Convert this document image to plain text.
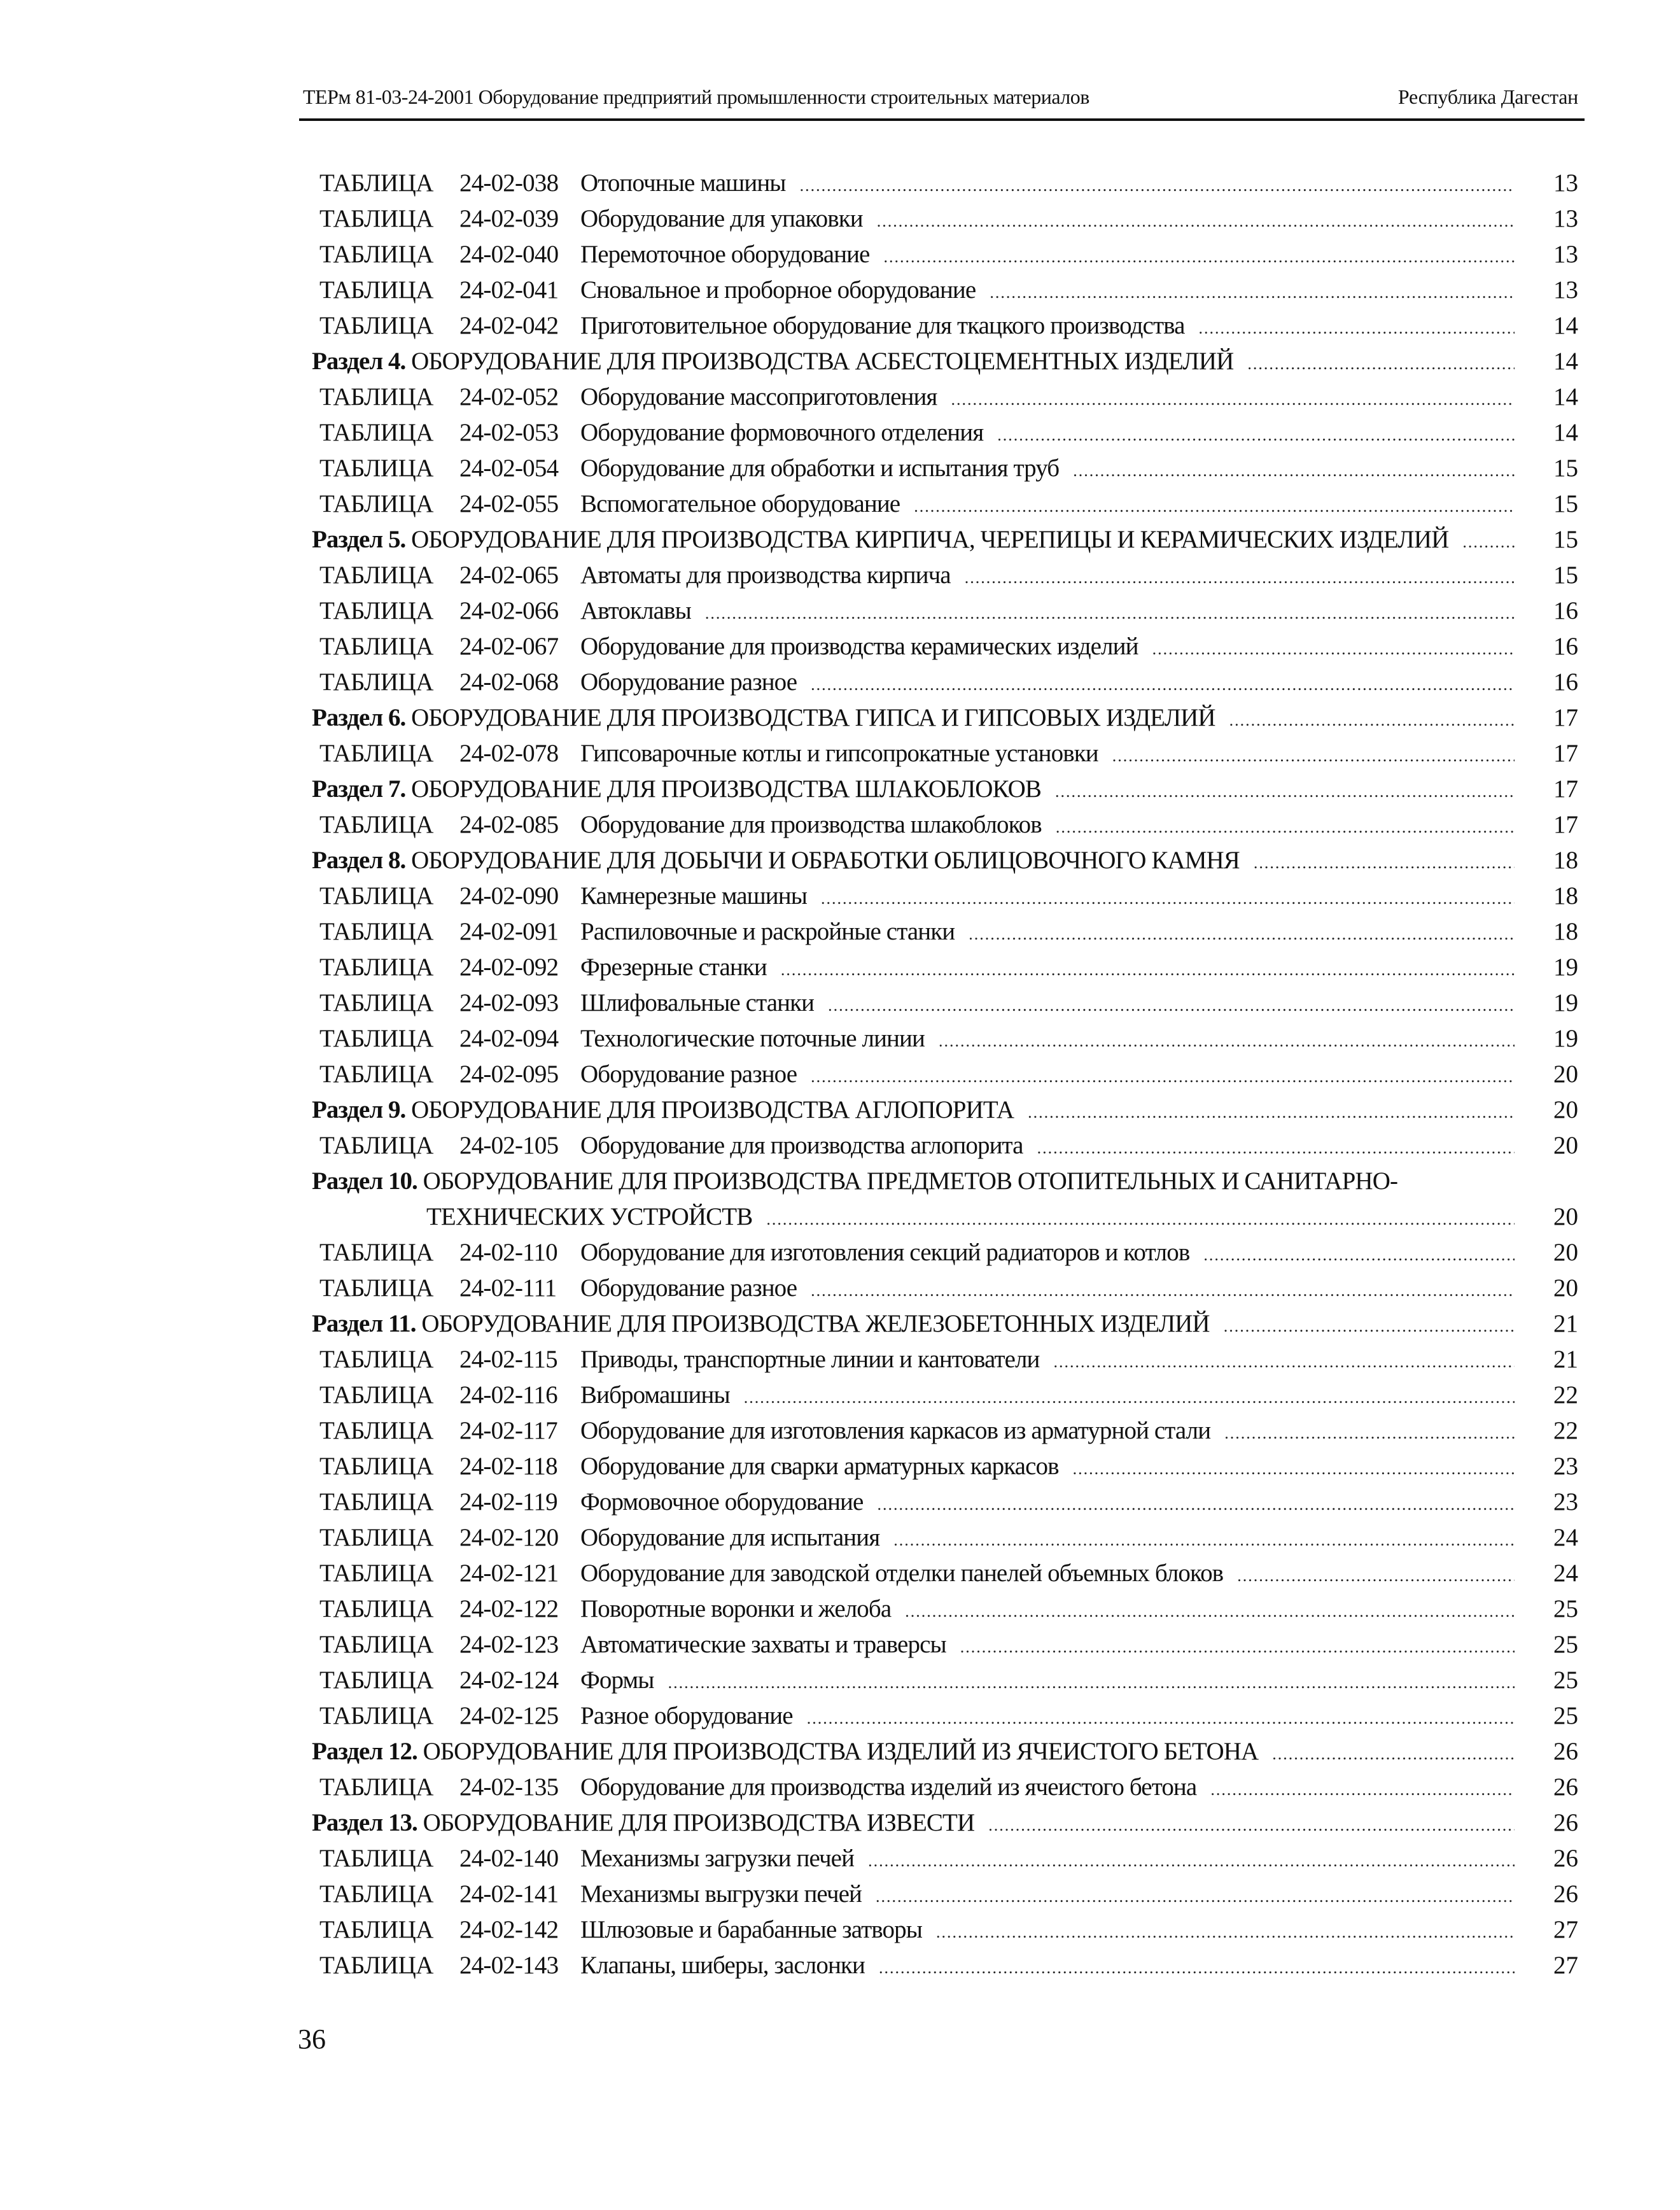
ТЕРм 81-03-24-2001 Оборудование предприятий промышленности строительных материалов	Республика Дагестан
ТАБЛИЦА 24-02-038 Отопочные машины .....	13
ТАБЛИЦА 24-02-039 Оборудование для упаковки .....	13
ТАБЛИЦА 24-02-040 Перемоточное оборудование .....	13
ТАБЛИЦА 24-02-041 Сновальное и проборное оборудование .....	13
ТАБЛИЦА 24-02-042 Приготовительное оборудование для ткацкого производства .....	14
Раздел 4. ОБОРУДОВАНИЕ ДЛЯ ПРОИЗВОДСТВА АСБЕСТОЦЕМЕНТНЫХ ИЗДЕЛИЙ .....	14
ТАБЛИЦА 24-02-052 Оборудование массоприготовления .....	14
ТАБЛИЦА 24-02-053 Оборудование формовочного отделения .....	14
ТАБЛИЦА 24-02-054 Оборудование для обработки и испытания труб .....	15
ТАБЛИЦА 24-02-055 Вспомогательное оборудование .....	15
Раздел 5. ОБОРУДОВАНИЕ ДЛЯ ПРОИЗВОДСТВА КИРПИЧА, ЧЕРЕПИЦЫ И КЕРАМИЧЕСКИХ ИЗДЕЛИЙ .....	15
ТАБЛИЦА 24-02-065 Автоматы для производства кирпича .....	15
ТАБЛИЦА 24-02-066 Автоклавы .....	16
ТАБЛИЦА 24-02-067 Оборудование для производства керамических изделий .....	16
ТАБЛИЦА 24-02-068 Оборудование разное .....	16
Раздел 6. ОБОРУДОВАНИЕ ДЛЯ ПРОИЗВОДСТВА ГИПСА И ГИПСОВЫХ ИЗДЕЛИЙ .....	17
ТАБЛИЦА 24-02-078 Гипсоварочные котлы и гипсопрокатные установки .....	17
Раздел 7. ОБОРУДОВАНИЕ ДЛЯ ПРОИЗВОДСТВА ШЛАКОБЛОКОВ .....	17
ТАБЛИЦА 24-02-085 Оборудование для производства шлакоблоков .....	17
Раздел 8. ОБОРУДОВАНИЕ ДЛЯ ДОБЫЧИ И ОБРАБОТКИ ОБЛИЦОВОЧНОГО КАМНЯ .....	18
ТАБЛИЦА 24-02-090 Камнерезные машины .....	18
ТАБЛИЦА 24-02-091 Распиловочные и раскройные станки .....	18
ТАБЛИЦА 24-02-092 Фрезерные станки .....	19
ТАБЛИЦА 24-02-093 Шлифовальные станки .....	19
ТАБЛИЦА 24-02-094 Технологические поточные линии .....	19
ТАБЛИЦА 24-02-095 Оборудование разное .....	20
Раздел 9. ОБОРУДОВАНИЕ ДЛЯ ПРОИЗВОДСТВА АГЛОПОРИТА .....	20
ТАБЛИЦА 24-02-105 Оборудование для производства аглопорита .....	20
Раздел 10. ОБОРУДОВАНИЕ ДЛЯ ПРОИЗВОДСТВА ПРЕДМЕТОВ ОТОПИТЕЛЬНЫХ И САНИТАРНО-
ТЕХНИЧЕСКИХ УСТРОЙСТВ .....	20
ТАБЛИЦА 24-02-110 Оборудование для изготовления секций радиаторов и котлов .....	20
ТАБЛИЦА 24-02-111 Оборудование разное .....	20
Раздел 11. ОБОРУДОВАНИЕ ДЛЯ ПРОИЗВОДСТВА ЖЕЛЕЗОБЕТОННЫХ ИЗДЕЛИЙ .....	21
ТАБЛИЦА 24-02-115 Приводы, транспортные линии и кантователи .....	21
ТАБЛИЦА 24-02-116 Вибромашины .....	22
ТАБЛИЦА 24-02-117 Оборудование для изготовления каркасов из арматурной стали .....	22
ТАБЛИЦА 24-02-118 Оборудование для сварки арматурных каркасов .....	23
ТАБЛИЦА 24-02-119 Формовочное оборудование .....	23
ТАБЛИЦА 24-02-120 Оборудование для испытания .....	24
ТАБЛИЦА 24-02-121 Оборудование для заводской отделки панелей объемных блоков .....	24
ТАБЛИЦА 24-02-122 Поворотные воронки и желоба .....	25
ТАБЛИЦА 24-02-123 Автоматические захваты и траверсы .....	25
ТАБЛИЦА 24-02-124 Формы .....	25
ТАБЛИЦА 24-02-125 Разное оборудование .....	25
Раздел 12. ОБОРУДОВАНИЕ ДЛЯ ПРОИЗВОДСТВА ИЗДЕЛИЙ ИЗ ЯЧЕИСТОГО БЕТОНА .....	26
ТАБЛИЦА 24-02-135 Оборудование для производства изделий из ячеистого бетона .....	26
Раздел 13. ОБОРУДОВАНИЕ ДЛЯ ПРОИЗВОДСТВА ИЗВЕСТИ .....	26
ТАБЛИЦА 24-02-140 Механизмы загрузки печей .....	26
ТАБЛИЦА 24-02-141 Механизмы выгрузки печей .....	26
ТАБЛИЦА 24-02-142 Шлюзовые и барабанные затворы .....	27
ТАБЛИЦА 24-02-143 Клапаны, шиберы, заслонки .....	27
36
